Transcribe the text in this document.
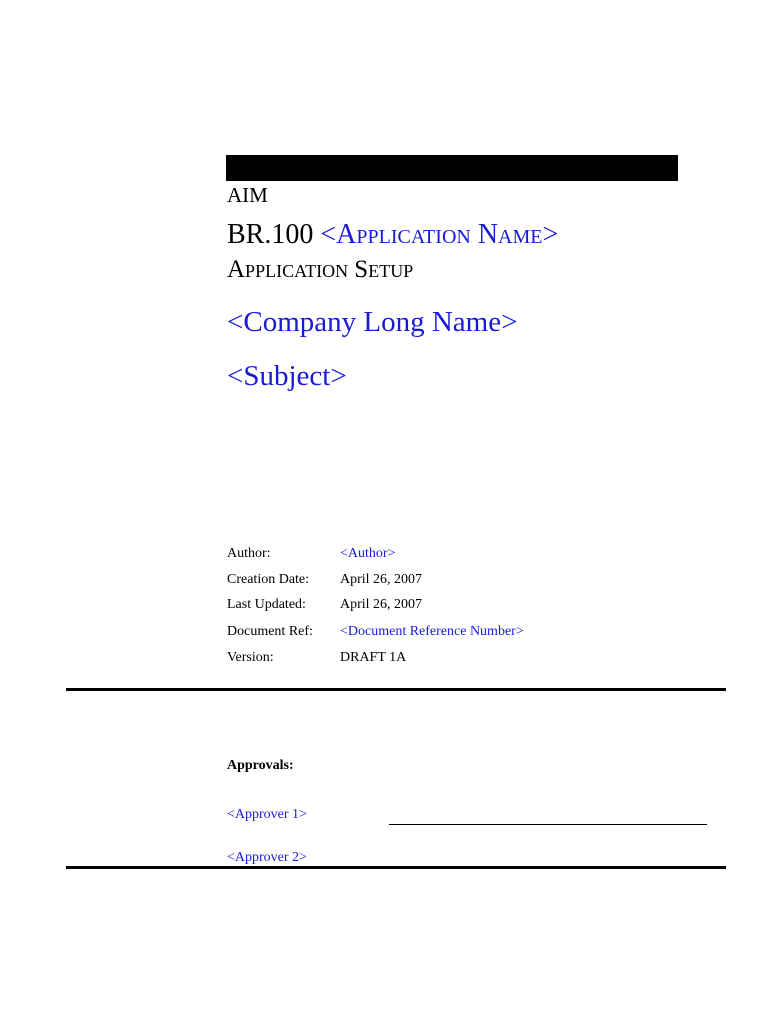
AIM
BR.100 <Application Name>
Application Setup
<Company Long Name>
<Subject>
Author:	<Author>
Creation Date: April 26, 2007
Last Updated: April 26, 2007
Document Ref: <Document Reference Number>
Version:	DRAFT 1A
Approvals:
<Approver 1>
<Approver 2>
